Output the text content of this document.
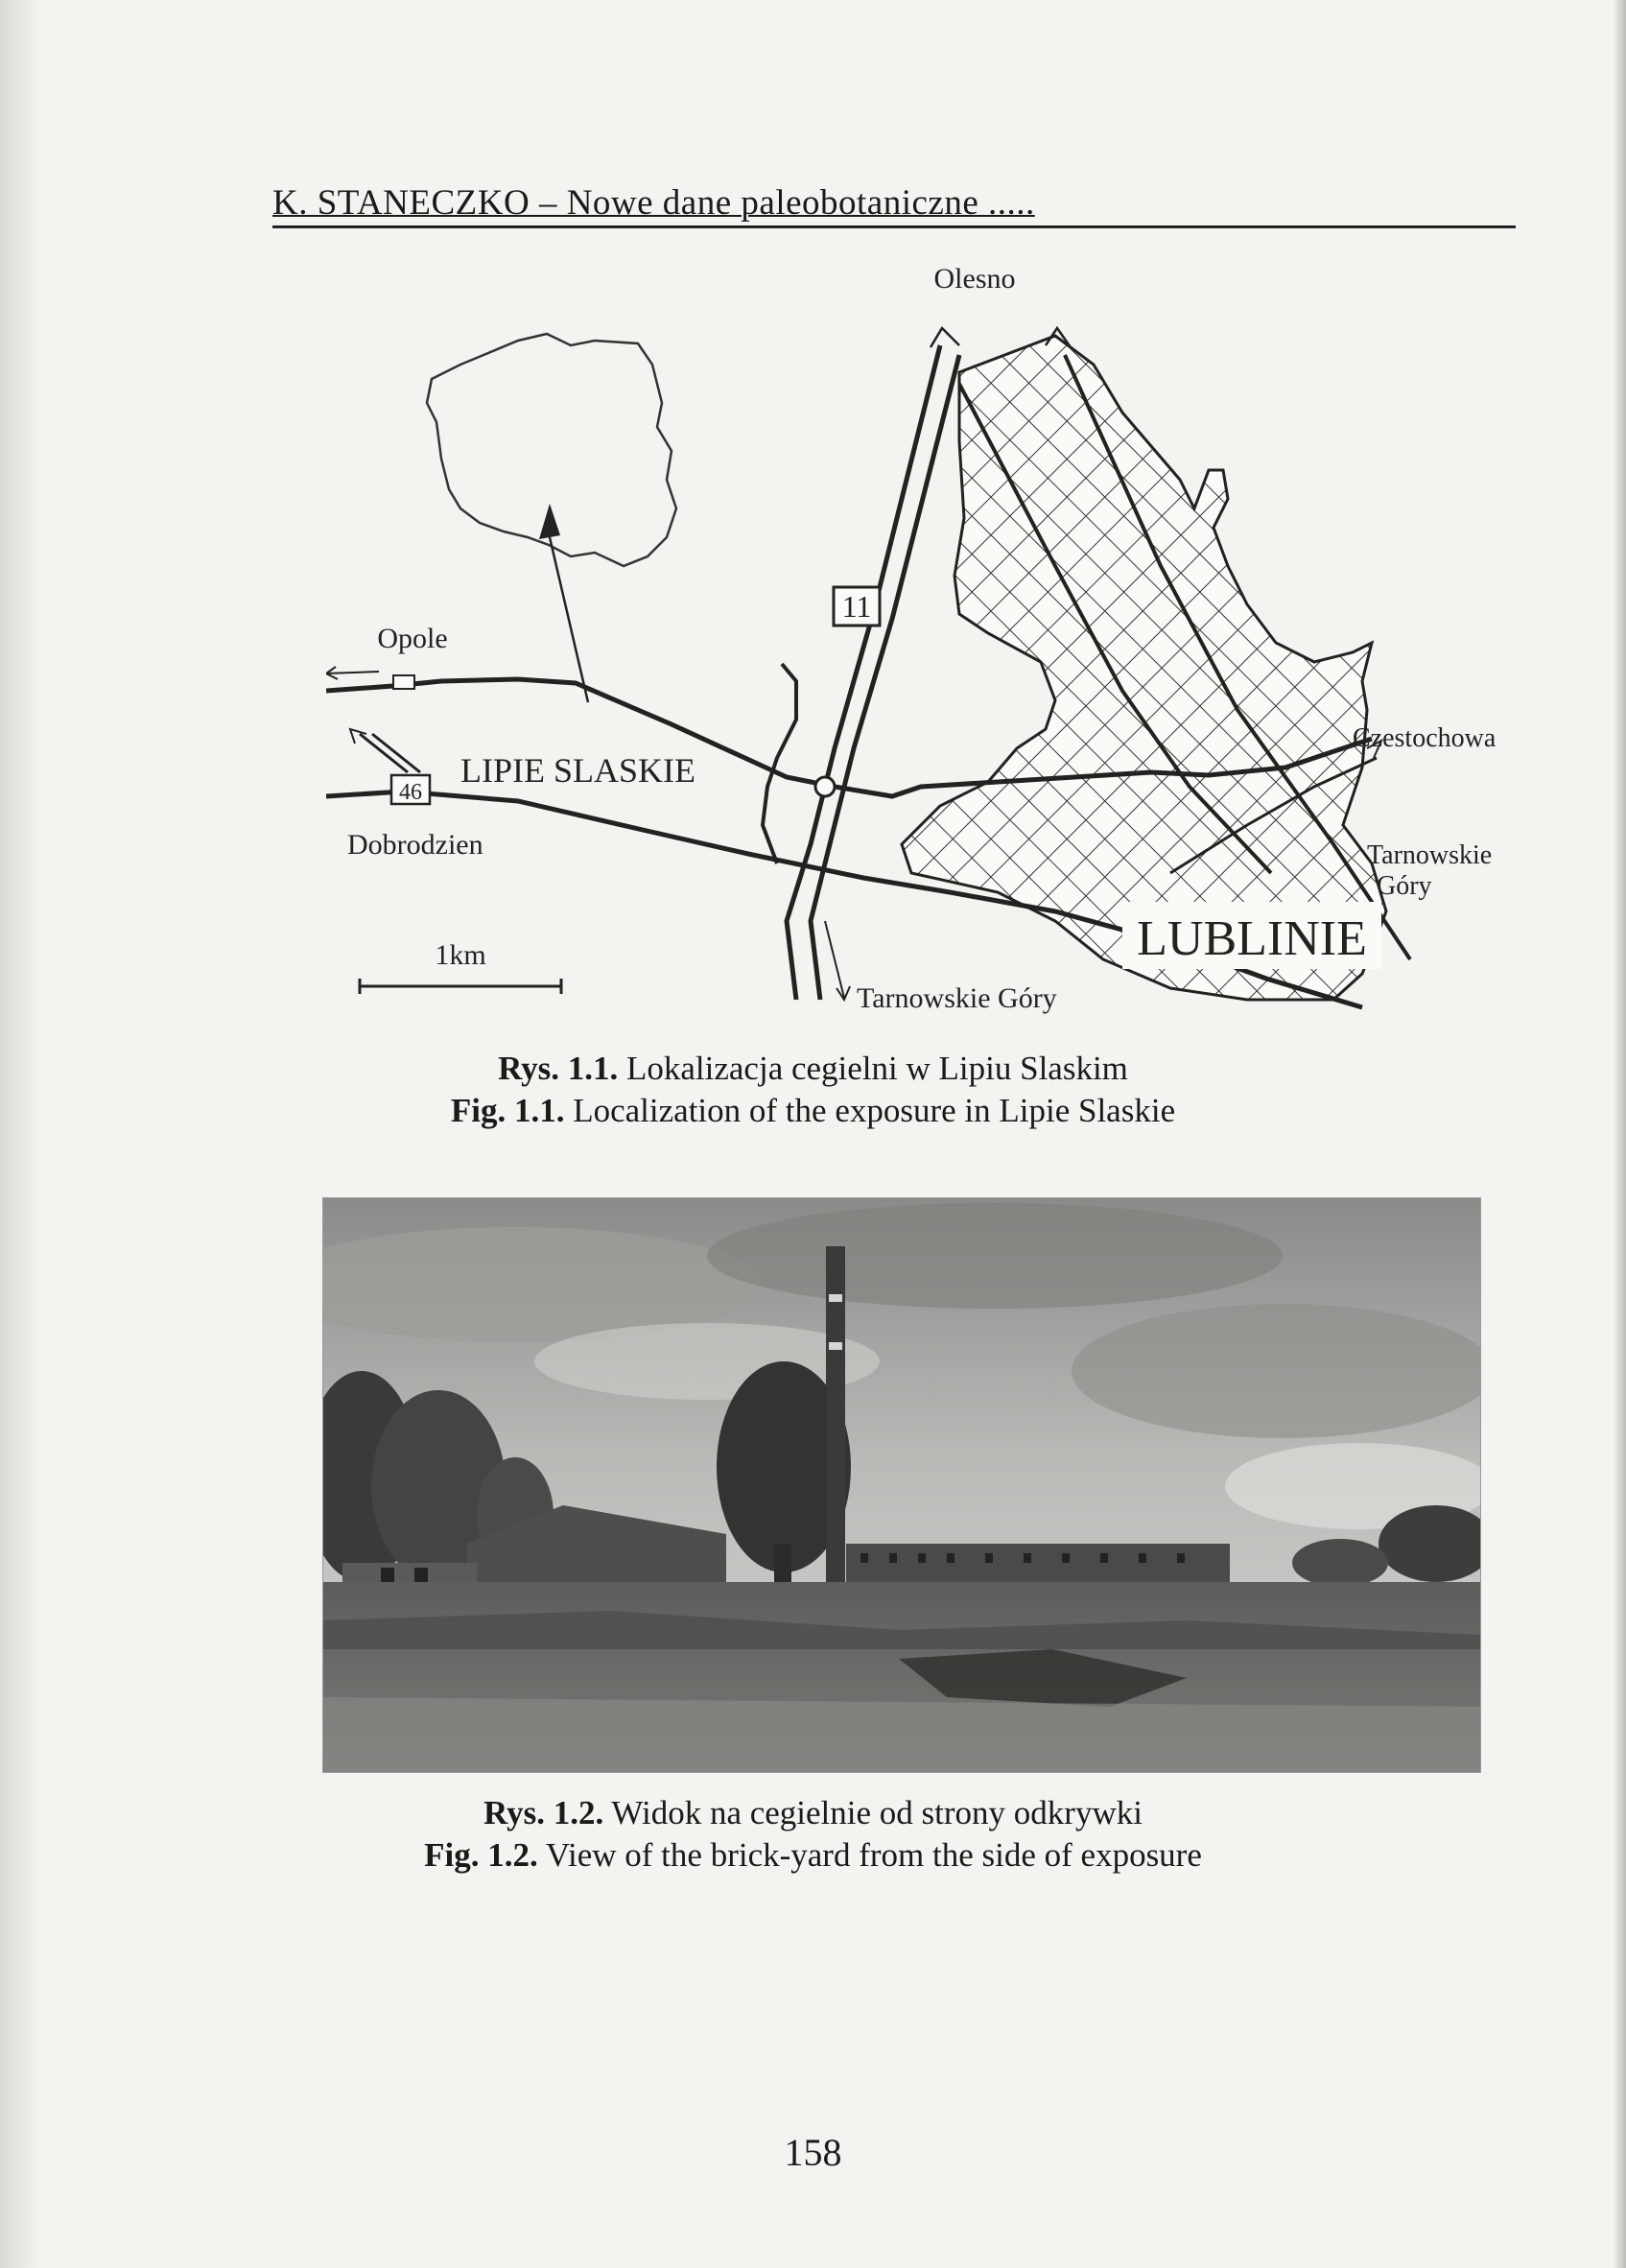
K. STANECZKO – Nowe dane paleobotaniczne .....
11
46
Olesno
Opole
LIPIE SLASKIE
Dobrodzien
Czestochowa
Tarnowskie
Góry
LUBLINIE
1km
Tarnowskie Góry
Rys. 1.1. Lokalizacja cegielni w Lipiu Slaskim
Fig. 1.1. Localization of the exposure in Lipie Slaskie
Rys. 1.2. Widok na cegielnie od strony odkrywki
Fig. 1.2. View of the brick-yard from the side of exposure
158
